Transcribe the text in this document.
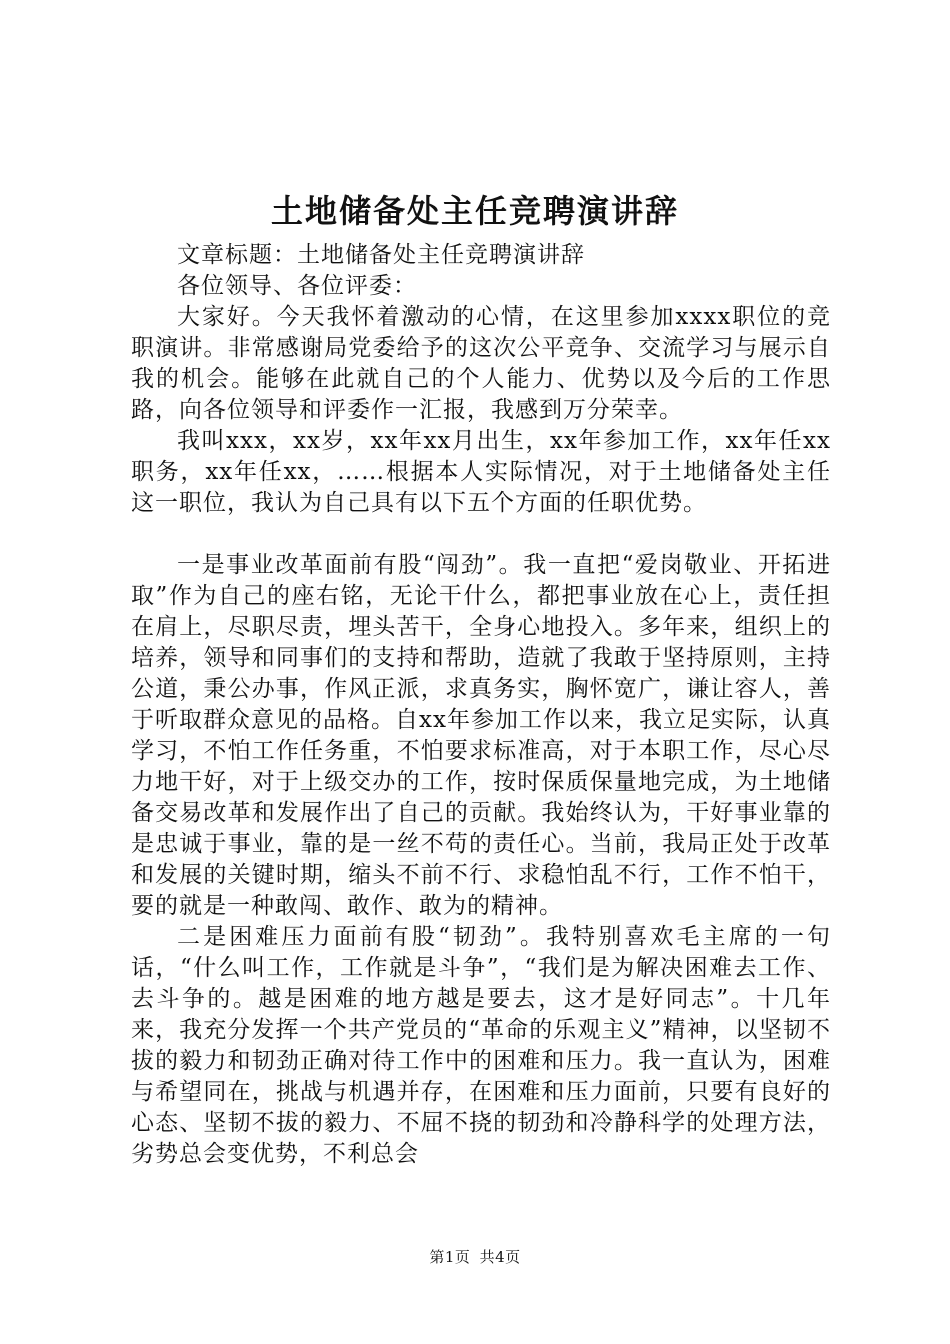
土地储备处主任竞聘演讲辞

文章标题：土地储备处主任竞聘演讲辞

各位领导、各位评委：

大家好。今天我怀着激动的心情，在这里参加xxxx职位的竞职演讲。非常感谢局党委给予的这次公平竞争、交流学习与展示自我的机会。能够在此就自己的个人能力、优势以及今后的工作思路，向各位领导和评委作一汇报，我感到万分荣幸。

我叫xxx，xx岁，xx年xx月出生，xx年参加工作，xx年任xx职务，xx年任xx，……根据本人实际情况，对于土地储备处主任这一职位，我认为自己具有以下五个方面的任职优势。

一是事业改革面前有股“闯劲”。我一直把“爱岗敬业、开拓进取”作为自己的座右铭，无论干什么，都把事业放在心上，责任担在肩上，尽职尽责，埋头苦干，全身心地投入。多年来，组织上的培养，领导和同事们的支持和帮助，造就了我敢于坚持原则，主持公道，秉公办事，作风正派，求真务实，胸怀宽广，谦让容人，善于听取群众意见的品格。自xx年参加工作以来，我立足实际，认真学习，不怕工作任务重，不怕要求标准高，对于本职工作，尽心尽力地干好，对于上级交办的工作，按时保质保量地完成，为土地储备交易改革和发展作出了自己的贡献。我始终认为，干好事业靠的是忠诚于事业，靠的是一丝不苟的责任心。当前，我局正处于改革和发展的关键时期，缩头不前不行、求稳怕乱不行，工作不怕干，要的就是一种敢闯、敢作、敢为的精神。

二是困难压力面前有股“韧劲”。我特别喜欢毛主席的一句话，“什么叫工作，工作就是斗争”，“我们是为解决困难去工作、去斗争的。越是困难的地方越是要去，这才是好同志”。十几年来，我充分发挥一个共产党员的“革命的乐观主义”精神，以坚韧不拔的毅力和韧劲正确对待工作中的困难和压力。我一直认为，困难与希望同在，挑战与机遇并存，在困难和压力面前，只要有良好的心态、坚韧不拔的毅力、不屈不挠的韧劲和冷静科学的处理方法，劣势总会变优势，不利总会

第1页 共4页
